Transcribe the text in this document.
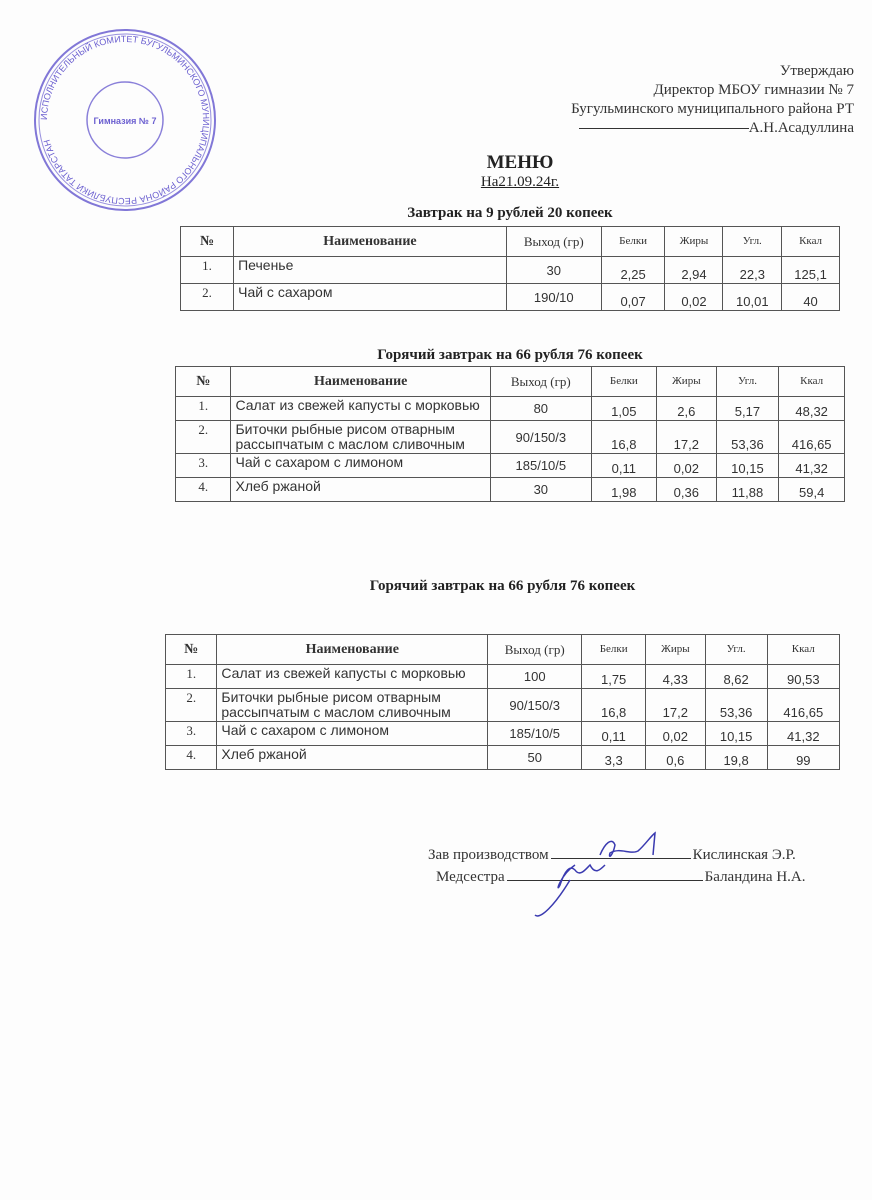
Утверждаю
Директор МБОУ гимназии № 7
Бугульминского муниципального района РТ
А.Н.Асадуллина
ИСПОЛНИТЕЛЬНЫЙ КОМИТЕТ БУГУЛЬМИНСКОГО МУНИЦИПАЛЬНОГО РАЙОНА РЕСПУБЛИКИ ТАТАРСТАН
Гимназия № 7
МЕНЮ
На21.09.24г.
Завтрак на 9 рублей 20 копеек
№	Наименование	Выход (гр)	Белки	Жиры	Угл.	Ккал
1.	Печенье	30	2,25	2,94	22,3	125,1
2.	Чай с сахаром	190/10	0,07	0,02	10,01	40
Горячий завтрак на 66 рубля 76 копеек
№	Наименование	Выход (гр)	Белки	Жиры	Угл.	Ккал
1.	Салат из свежей капусты с морковью	80	1,05	2,6	5,17	48,32
2.	Биточки рыбные рисом отварным рассыпчатым с маслом сливочным	90/150/3	16,8	17,2	53,36	416,65
3.	Чай с сахаром с лимоном	185/10/5	0,11	0,02	10,15	41,32
4.	Хлеб ржаной	30	1,98	0,36	11,88	59,4
Горячий завтрак на 66 рубля 76 копеек
№	Наименование	Выход (гр)	Белки	Жиры	Угл.	Ккал
1.	Салат из свежей капусты с морковью	100	1,75	4,33	8,62	90,53
2.	Биточки рыбные рисом отварным рассыпчатым с маслом сливочным	90/150/3	16,8	17,2	53,36	416,65
3.	Чай с сахаром с лимоном	185/10/5	0,11	0,02	10,15	41,32
4.	Хлеб ржаной	50	3,3	0,6	19,8	99
Зав производством	Кислинская Э.Р.
Медсестра	Баландина Н.А.
